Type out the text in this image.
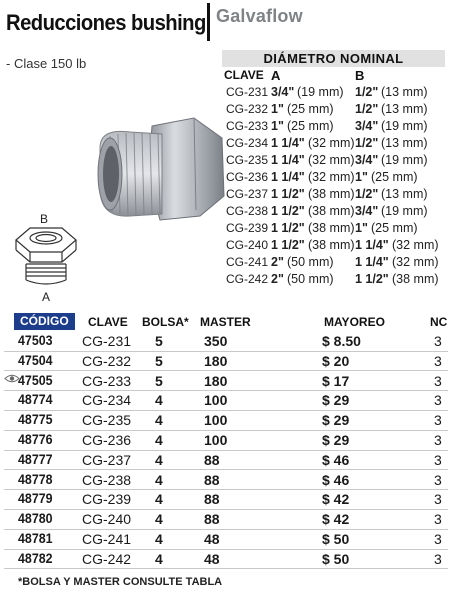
Reducciones bushing Galvaflow
- Clase 150 lb
B
A
DIÁMETRO NOMINAL
CLAVE A	B
CG-231 3/4" (19 mm) 1/2" (13 mm)
CG-232 1" (25 mm) 1/2" (13 mm)
CG-233 1" (25 mm) 3/4" (19 mm)
CG-234 1 1/4" (32 mm) 1/2" (13 mm)
CG-235 1 1/4" (32 mm) 3/4" (19 mm)
CG-236 1 1/4" (32 mm) 1" (25 mm)
CG-237 1 1/2" (38 mm) 1/2" (13 mm)
CG-238 1 1/2" (38 mm) 3/4" (19 mm)
CG-239 1 1/2" (38 mm) 1" (25 mm)
CG-240 1 1/2" (38 mm) 1 1/4" (32 mm)
CG-241 2" (50 mm) 1 1/4" (32 mm)
CG-242 2" (50 mm) 1 1/2" (38 mm)
CÓDIGO	CLAVE BOLSA* MASTER	MAYOREO	NC
47503 CG-231 5	350	$ 8.50	3
47504 CG-232 5	180	$ 20	3
47505 CG-233 5	180	$ 17	3
48774 CG-234 4	100	$ 29	3
48775 CG-235 4	100	$ 29	3
48776 CG-236 4	100	$ 29	3
48777 CG-237 4	88	$ 46	3
48778 CG-238 4	88	$ 46	3
48779 CG-239 4	88	$ 42	3
48780 CG-240 4	88	$ 42	3
48781 CG-241 4	48	$ 50	3
48782 CG-242 4	48	$ 50	3
*BOLSA Y MASTER CONSULTE TABLA
